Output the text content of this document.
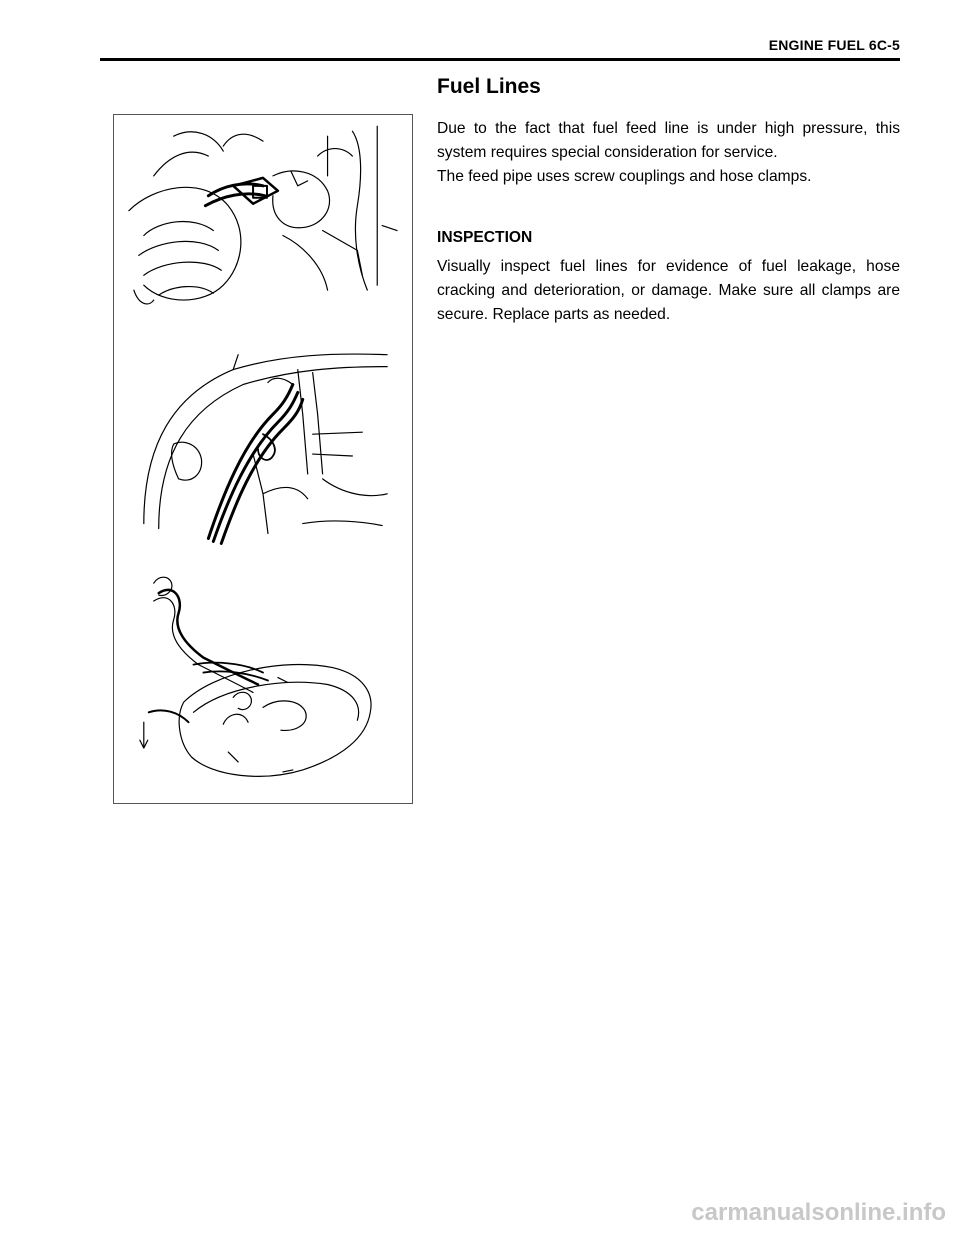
ENGINE FUEL 6C-5
Fuel Lines

Due to the fact that fuel feed line is under high pressure, this system requires special consideration for service.

The feed pipe uses screw couplings and hose clamps.

INSPECTION

Visually inspect fuel lines for evidence of fuel leakage, hose cracking and deterioration, or damage. Make sure all clamps are secure. Replace parts as needed.

carmanualsonline.info
